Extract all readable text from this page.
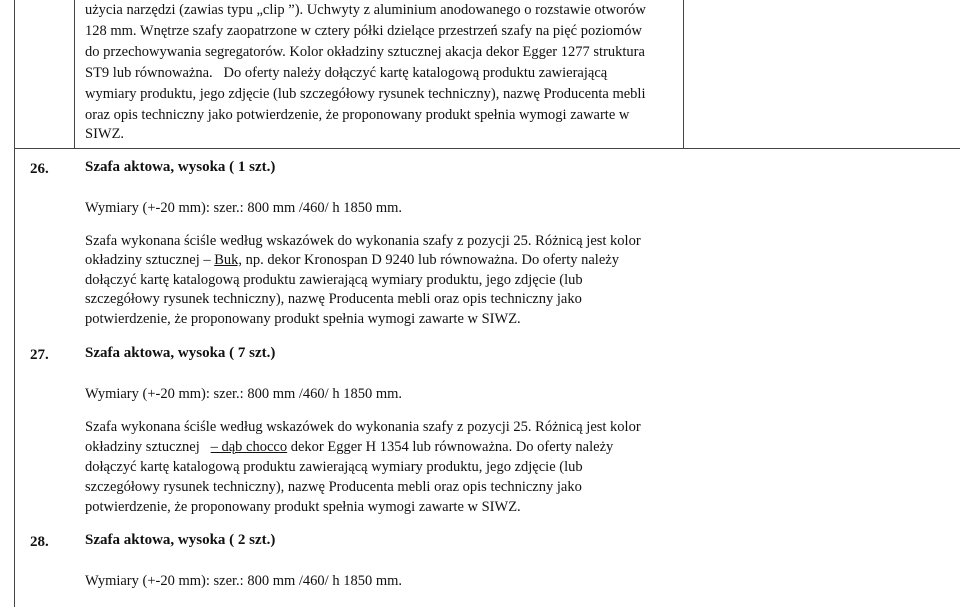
użycia narzędzi (zawias typu „clip ”). Uchwyty z aluminium anodowanego o rozstawie otworów
128 mm. Wnętrze szafy zaopatrzone w cztery półki dzielące przestrzeń szafy na pięć poziomów
do przechowywania segregatorów. Kolor okładziny sztucznej akacja dekor Egger 1277 struktura
ST9 lub równoważna. Do oferty należy dołączyć kartę katalogową produktu zawierającą
wymiary produktu, jego zdjęcie (lub szczegółowy rysunek techniczny), nazwę Producenta mebli
oraz opis techniczny jako potwierdzenie, że proponowany produkt spełnia wymogi zawarte w
SIWZ.
26. Szafa aktowa, wysoka ( 1 szt.)
Wymiary (+-20 mm): szer.: 800 mm /460/ h 1850 mm.
Szafa wykonana ściśle według wskazówek do wykonania szafy z pozycji 25. Różnicą jest kolor
okładziny sztucznej – Buk, np. dekor Kronospan D 9240 lub równoważna. Do oferty należy
dołączyć kartę katalogową produktu zawierającą wymiary produktu, jego zdjęcie (lub
szczegółowy rysunek techniczny), nazwę Producenta mebli oraz opis techniczny jako
potwierdzenie, że proponowany produkt spełnia wymogi zawarte w SIWZ.
27. Szafa aktowa, wysoka ( 7 szt.)
Wymiary (+-20 mm): szer.: 800 mm /460/ h 1850 mm.
Szafa wykonana ściśle według wskazówek do wykonania szafy z pozycji 25. Różnicą jest kolor
okładziny sztucznej – dąb chocco dekor Egger H 1354 lub równoważna. Do oferty należy
dołączyć kartę katalogową produktu zawierającą wymiary produktu, jego zdjęcie (lub
szczegółowy rysunek techniczny), nazwę Producenta mebli oraz opis techniczny jako
potwierdzenie, że proponowany produkt spełnia wymogi zawarte w SIWZ.
28. Szafa aktowa, wysoka ( 2 szt.)
Wymiary (+-20 mm): szer.: 800 mm /460/ h 1850 mm.
